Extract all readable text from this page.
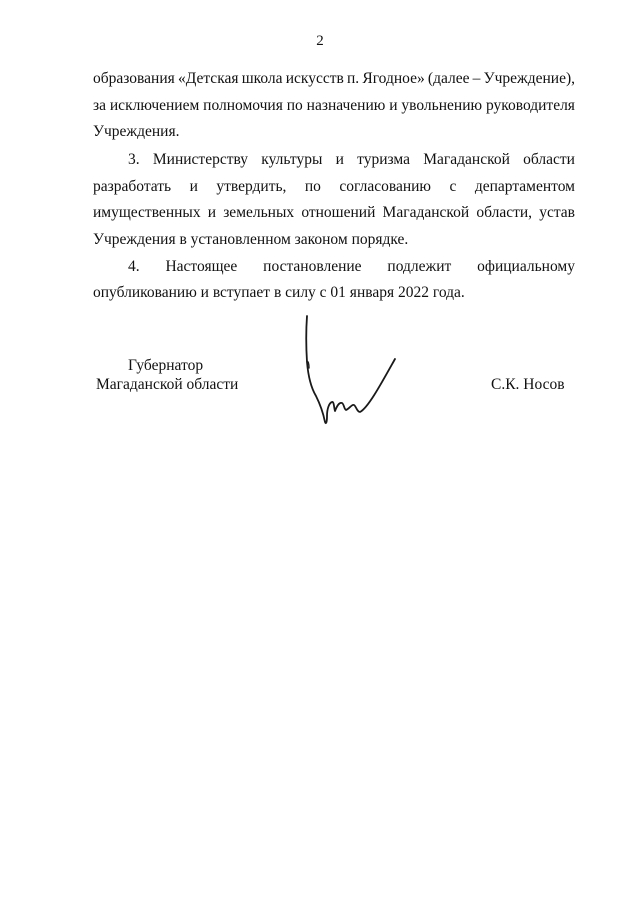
2
образования «Детская школа искусств п. Ягодное» (далее – Учреждение),
за исключением полномочия по назначению и увольнению руководителя
Учреждения.
3. Министерству культуры и туризма Магаданской области
разработать и утвердить, по согласованию с департаментом
имущественных и земельных отношений Магаданской области, устав
Учреждения в установленном законом порядке.
4. Настоящее постановление подлежит официальному
опубликованию и вступает в силу с 01 января 2022 года.
Губернатор
Магаданской области	С.К. Носов
